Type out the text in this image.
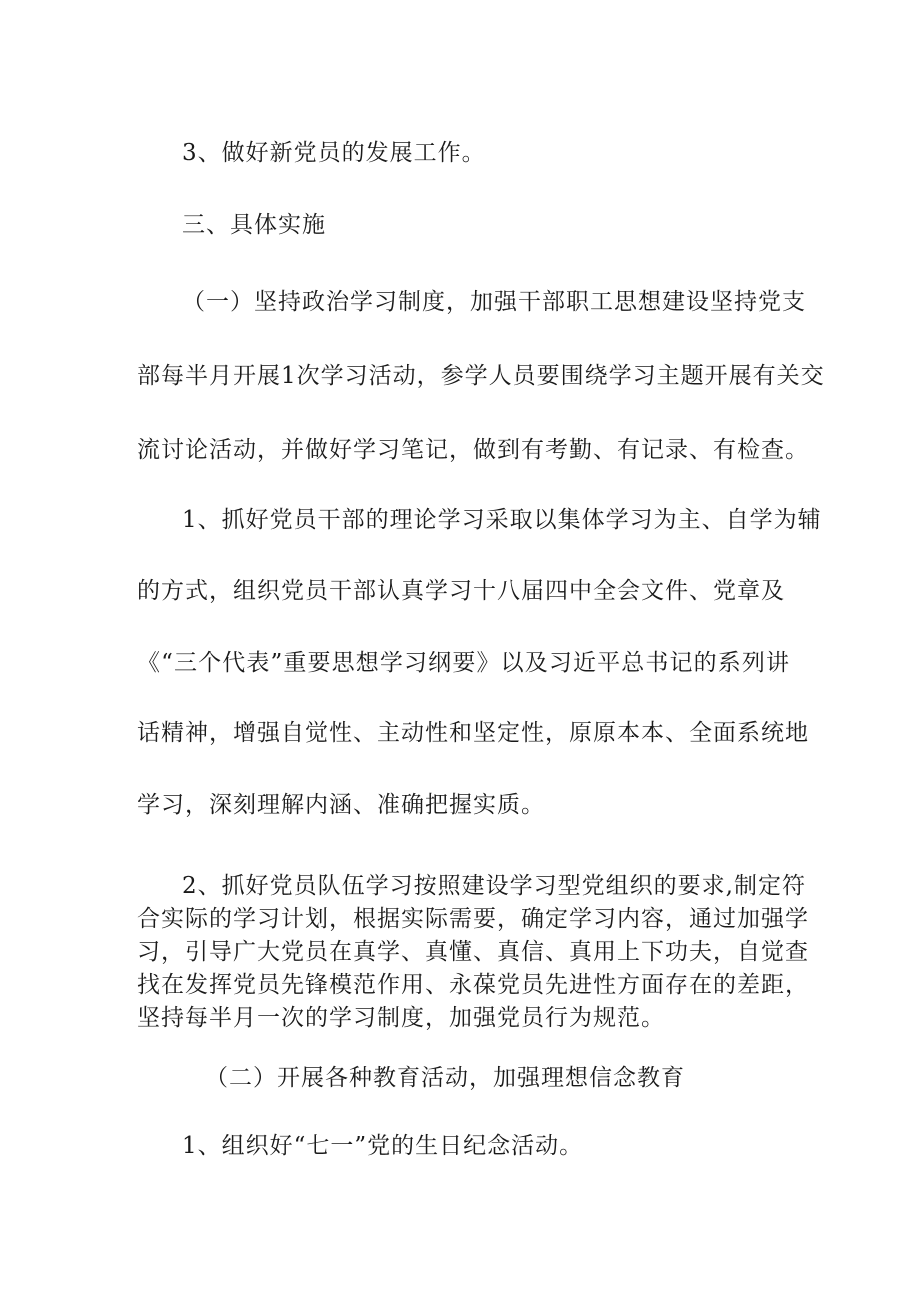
3、做好新党员的发展工作。
三、具体实施
（一）坚持政治学习制度，加强干部职工思想建设坚持党支
部每半月开展1次学习活动，参学人员要围绕学习主题开展有关交
流讨论活动，并做好学习笔记，做到有考勤、有记录、有检查。
1、抓好党员干部的理论学习采取以集体学习为主、自学为辅
的方式，组织党员干部认真学习十八届四中全会文件、党章及
《“三个代表”重要思想学习纲要》以及习近平总书记的系列讲
话精神，增强自觉性、主动性和坚定性，原原本本、全面系统地
学习，深刻理解内涵、准确把握实质。
2、抓好党员队伍学习按照建设学习型党组织的要求,制定符
合实际的学习计划，根据实际需要，确定学习内容，通过加强学
习，引导广大党员在真学、真懂、真信、真用上下功夫，自觉查
找在发挥党员先锋模范作用、永葆党员先进性方面存在的差距，
坚持每半月一次的学习制度，加强党员行为规范。
（二）开展各种教育活动，加强理想信念教育
1、组织好“七一”党的生日纪念活动。
